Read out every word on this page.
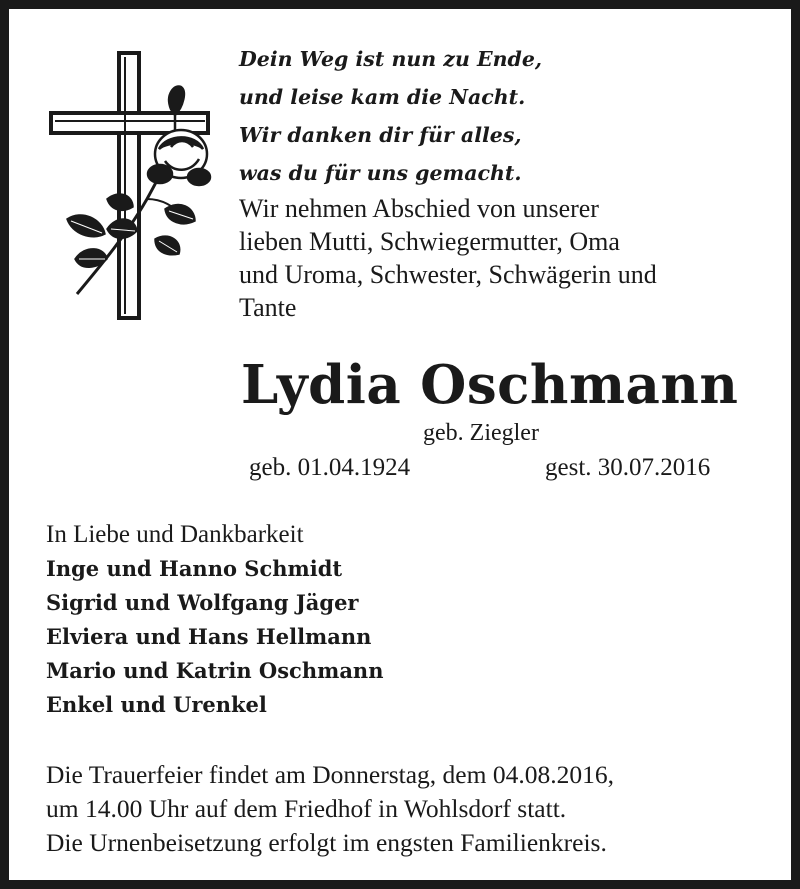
Dein Weg ist nun zu Ende,
und leise kam die Nacht.
Wir danken dir für alles,
was du für uns gemacht.
Wir nehmen Abschied von unserer
lieben Mutti, Schwiegermutter, Oma
und Uroma, Schwester, Schwägerin und
Tante
Lydia Oschmann
geb. Ziegler
geb. 01.04.1924	gest. 30.07.2016
In Liebe und Dankbarkeit
Inge und Hanno Schmidt
Sigrid und Wolfgang Jäger
Elviera und Hans Hellmann
Mario und Katrin Oschmann
Enkel und Urenkel
Die Trauerfeier findet am Donnerstag, dem 04.08.2016,
um 14.00 Uhr auf dem Friedhof in Wohlsdorf statt.
Die Urnenbeisetzung erfolgt im engsten Familienkreis.
